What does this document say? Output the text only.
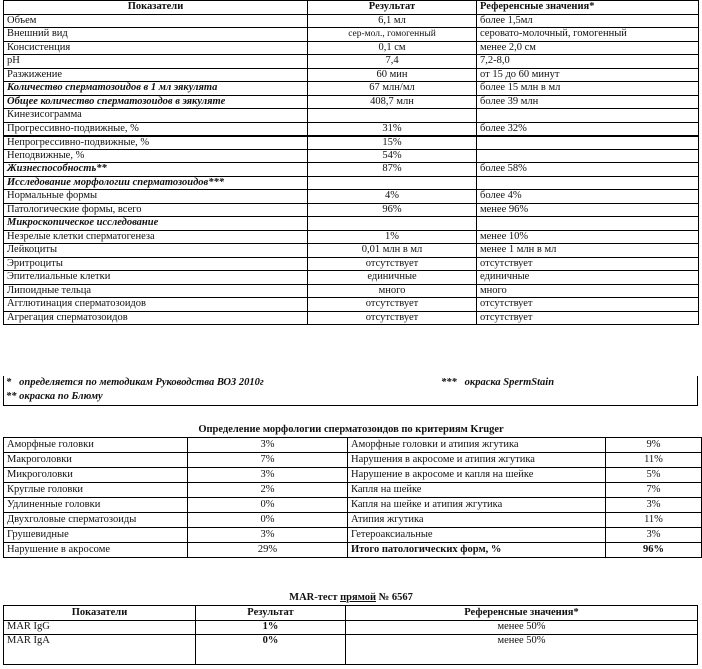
Показатели	Результат	Референсные значения*
Объем	6,1 мл	более 1,5мл
Внешний вид	сер-мол., гомогенный	серовато-молочный, гомогенный
Консистенция	0,1 см	менее 2,0 см
pH	7,4	7,2-8,0
Разжижение	60 мин	от 15 до 60 минут
Количество сперматозоидов в 1 мл эякулята	67 млн/мл	более 15 млн в мл
Общее количество сперматозоидов в эякуляте	408,7 млн	более 39 млн
Кинезисограмма		
Прогрессивно-подвижные, %	31%	более 32%
Непрогрессивно-подвижные, %	15%	
Неподвижные, %	54%	
Жизнеспособность**	87%	более 58%
Исследование морфологии сперматозоидов***		
Нормальные формы	4%	более 4%
Патологические формы, всего	96%	менее 96%
Микроскопическое исследование		
Незрелые клетки сперматогенеза	1%	менее 10%
Лейкоциты	0,01 млн в мл	менее 1 млн в мл
Эритроциты	отсутствует	отсутствует
Эпителиальные клетки	единичные	единичные
Липоидные тельца	много	много
Агглютинация сперматозоидов	отсутствует	отсутствует
Агрегация сперматозоидов	отсутствует	отсутствует
* определяется по методикам Руководства ВОЗ 2010г	*** окраска SpermStain
** окраска по Блюму
Определение морфологии сперматозоидов по критериям Kruger
Аморфные головки	3%	Аморфные головки и атипия жгутика	9%
Макроголовки	7%	Нарушения в акросоме и атипия жгутика	11%
Микроголовки	3%	Нарушение в акросоме и капля на шейке	5%
Круглые головки	2%	Капля на шейке	7%
Удлиненные головки	0%	Капля на шейке и атипия жгутика	3%
Двухголовые сперматозоиды	0%	Атипия жгутика	11%
Грушевидные	3%	Гетероаксиальные	3%
Нарушение в акросоме	29%	Итого патологических форм, %	96%
MAR-тест прямой № 6567
Показатели	Результат	Референсные значения*
MAR IgG	1%	менее 50%
MAR IgA	0%	менее 50%
